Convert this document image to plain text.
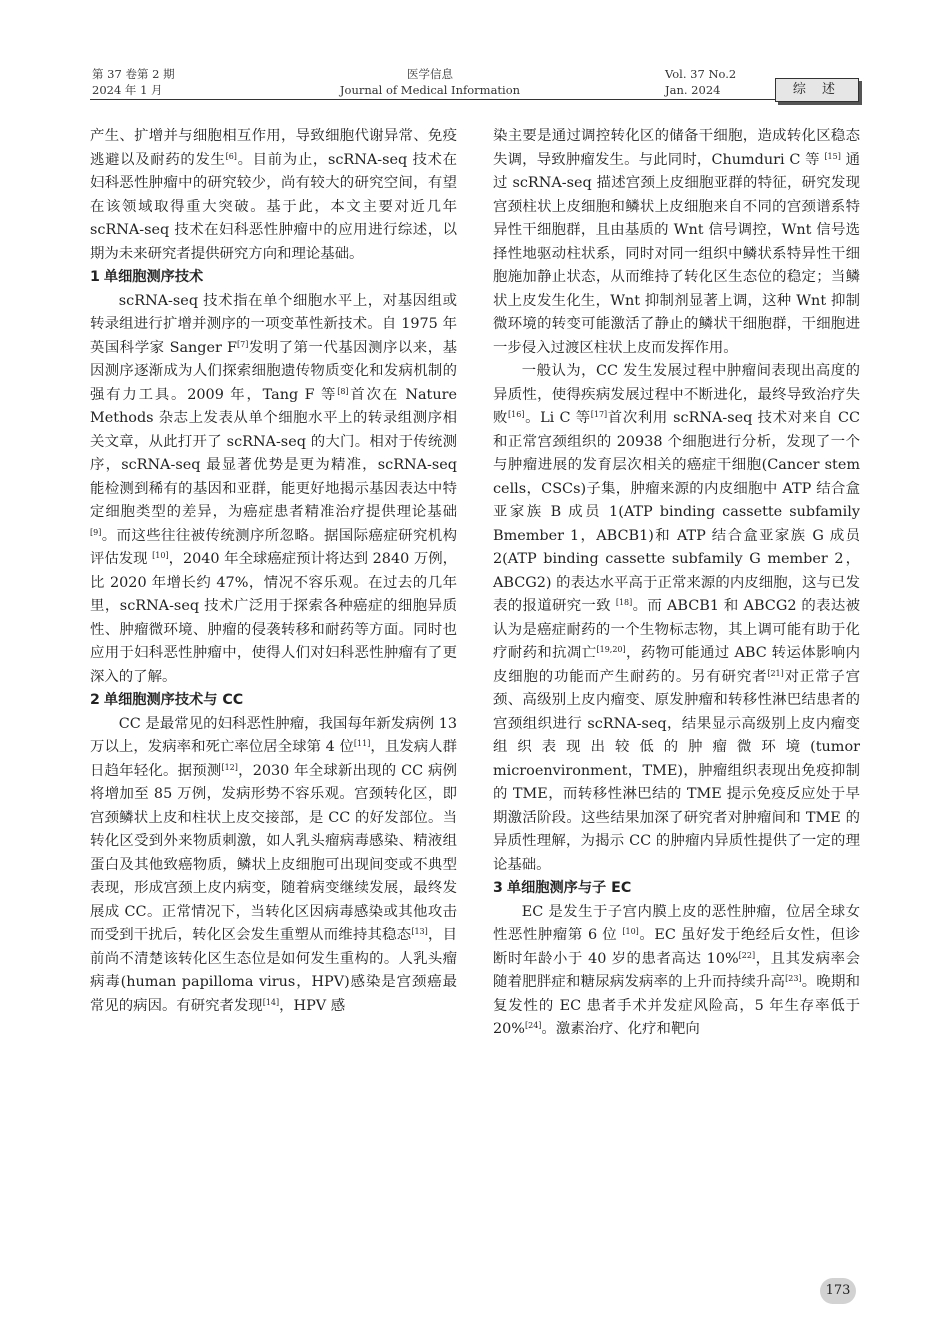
第 37 卷第 2 期
2024 年 1 月
医学信息
Journal of Medical Information
Vol. 37 No.2
Jan. 2024	综 述

产生、扩增并与细胞相互作用，导致细胞代谢异常、免疫逃避以及耐药的发生[6]。目前为止，scRNA-seq 技术在妇科恶性肿瘤中的研究较少，尚有较大的研究空间，有望在该领域取得重大突破。基于此，本文主要对近几年 scRNA-seq 技术在妇科恶性肿瘤中的应用进行综述，以期为未来研究者提供研究方向和理论基础。

1 单细胞测序技术

scRNA-seq 技术指在单个细胞水平上，对基因组或转录组进行扩增并测序的一项变革性新技术。自 1975 年英国科学家 Sanger F[7]发明了第一代基因测序以来，基因测序逐渐成为人们探索细胞遗传物质变化和发病机制的强有力工具。2009 年，Tang F 等[8]首次在 Nature Methods 杂志上发表从单个细胞水平上的转录组测序相关文章，从此打开了 scRNA-seq 的大门。相对于传统测序，scRNA-seq 最显著优势是更为精准，scRNA-seq 能检测到稀有的基因和亚群，能更好地揭示基因表达中特定细胞类型的差异，为癌症患者精准治疗提供理论基础[9]。而这些往往被传统测序所忽略。据国际癌症研究机构评估发现 [10]，2040 年全球癌症预计将达到 2840 万例，比 2020 年增长约 47%，情况不容乐观。在过去的几年里，scRNA-seq 技术广泛用于探索各种癌症的细胞异质性、肿瘤微环境、肿瘤的侵袭转移和耐药等方面。同时也应用于妇科恶性肿瘤中，使得人们对妇科恶性肿瘤有了更深入的了解。

2 单细胞测序技术与 CC

CC 是最常见的妇科恶性肿瘤，我国每年新发病例 13 万以上，发病率和死亡率位居全球第 4 位[11]，且发病人群日趋年轻化。据预测[12]，2030 年全球新出现的 CC 病例将增加至 85 万例，发病形势不容乐观。宫颈转化区，即宫颈鳞状上皮和柱状上皮交接部，是 CC 的好发部位。当转化区受到外来物质刺激，如人乳头瘤病毒感染、精液组蛋白及其他致癌物质，鳞状上皮细胞可出现间变或不典型表现，形成宫颈上皮内病变，随着病变继续发展，最终发展成 CC。正常情况下，当转化区因病毒感染或其他攻击而受到干扰后，转化区会发生重塑从而维持其稳态[13]，目前尚不清楚该转化区生态位是如何发生重构的。人乳头瘤病毒(human papilloma virus，HPV)感染是宫颈癌最常见的病因。有研究者发现[14]，HPV 感

染主要是通过调控转化区的储备干细胞，造成转化区稳态失调，导致肿瘤发生。与此同时，Chumduri C 等 [15] 通过 scRNA-seq 描述宫颈上皮细胞亚群的特征，研究发现宫颈柱状上皮细胞和鳞状上皮细胞来自不同的宫颈谱系特异性干细胞群，且由基质的 Wnt 信号调控，Wnt 信号选择性地驱动柱状系，同时对同一组织中鳞状系特异性干细胞施加静止状态，从而维持了转化区生态位的稳定；当鳞状上皮发生化生，Wnt 抑制剂显著上调，这种 Wnt 抑制微环境的转变可能激活了静止的鳞状干细胞群，干细胞进一步侵入过渡区柱状上皮而发挥作用。

一般认为，CC 发生发展过程中肿瘤间表现出高度的异质性，使得疾病发展过程中不断进化，最终导致治疗失败[16]。Li C 等[17]首次利用 scRNA-seq 技术对来自 CC 和正常宫颈组织的 20938 个细胞进行分析，发现了一个与肿瘤进展的发育层次相关的癌症干细胞(Cancer stem cells，CSCs)子集，肿瘤来源的内皮细胞中 ATP 结合盒亚家族 B 成员 1(ATP binding cassette subfamily Bmember 1，ABCB1)和 ATP 结合盒亚家族 G 成员 2(ATP binding cassette subfamily G member 2，ABCG2) 的表达水平高于正常来源的内皮细胞，这与已发表的报道研究一致 [18]。而 ABCB1 和 ABCG2 的表达被认为是癌症耐药的一个生物标志物，其上调可能有助于化疗耐药和抗凋亡[19,20]，药物可能通过 ABC 转运体影响内皮细胞的功能而产生耐药的。另有研究者[21]对正常子宫颈、高级别上皮内瘤变、原发肿瘤和转移性淋巴结患者的宫颈组织进行 scRNA-seq，结果显示高级别上皮内瘤变组织表现出较低的肿瘤微环境(tumor microenvironment，TME)，肿瘤组织表现出免疫抑制的 TME，而转移性淋巴结的 TME 提示免疫反应处于早期激活阶段。这些结果加深了研究者对肿瘤间和 TME 的异质性理解，为揭示 CC 的肿瘤内异质性提供了一定的理论基础。

3 单细胞测序与子 EC

EC 是发生于子宫内膜上皮的恶性肿瘤，位居全球女性恶性肿瘤第 6 位 [10]。EC 虽好发于绝经后女性，但诊断时年龄小于 40 岁的患者高达 10%[22]，且其发病率会随着肥胖症和糖尿病发病率的上升而持续升高[23]。晚期和复发性的 EC 患者手术并发症风险高，5 年生存率低于 20%[24]。激素治疗、化疗和靶向

173
